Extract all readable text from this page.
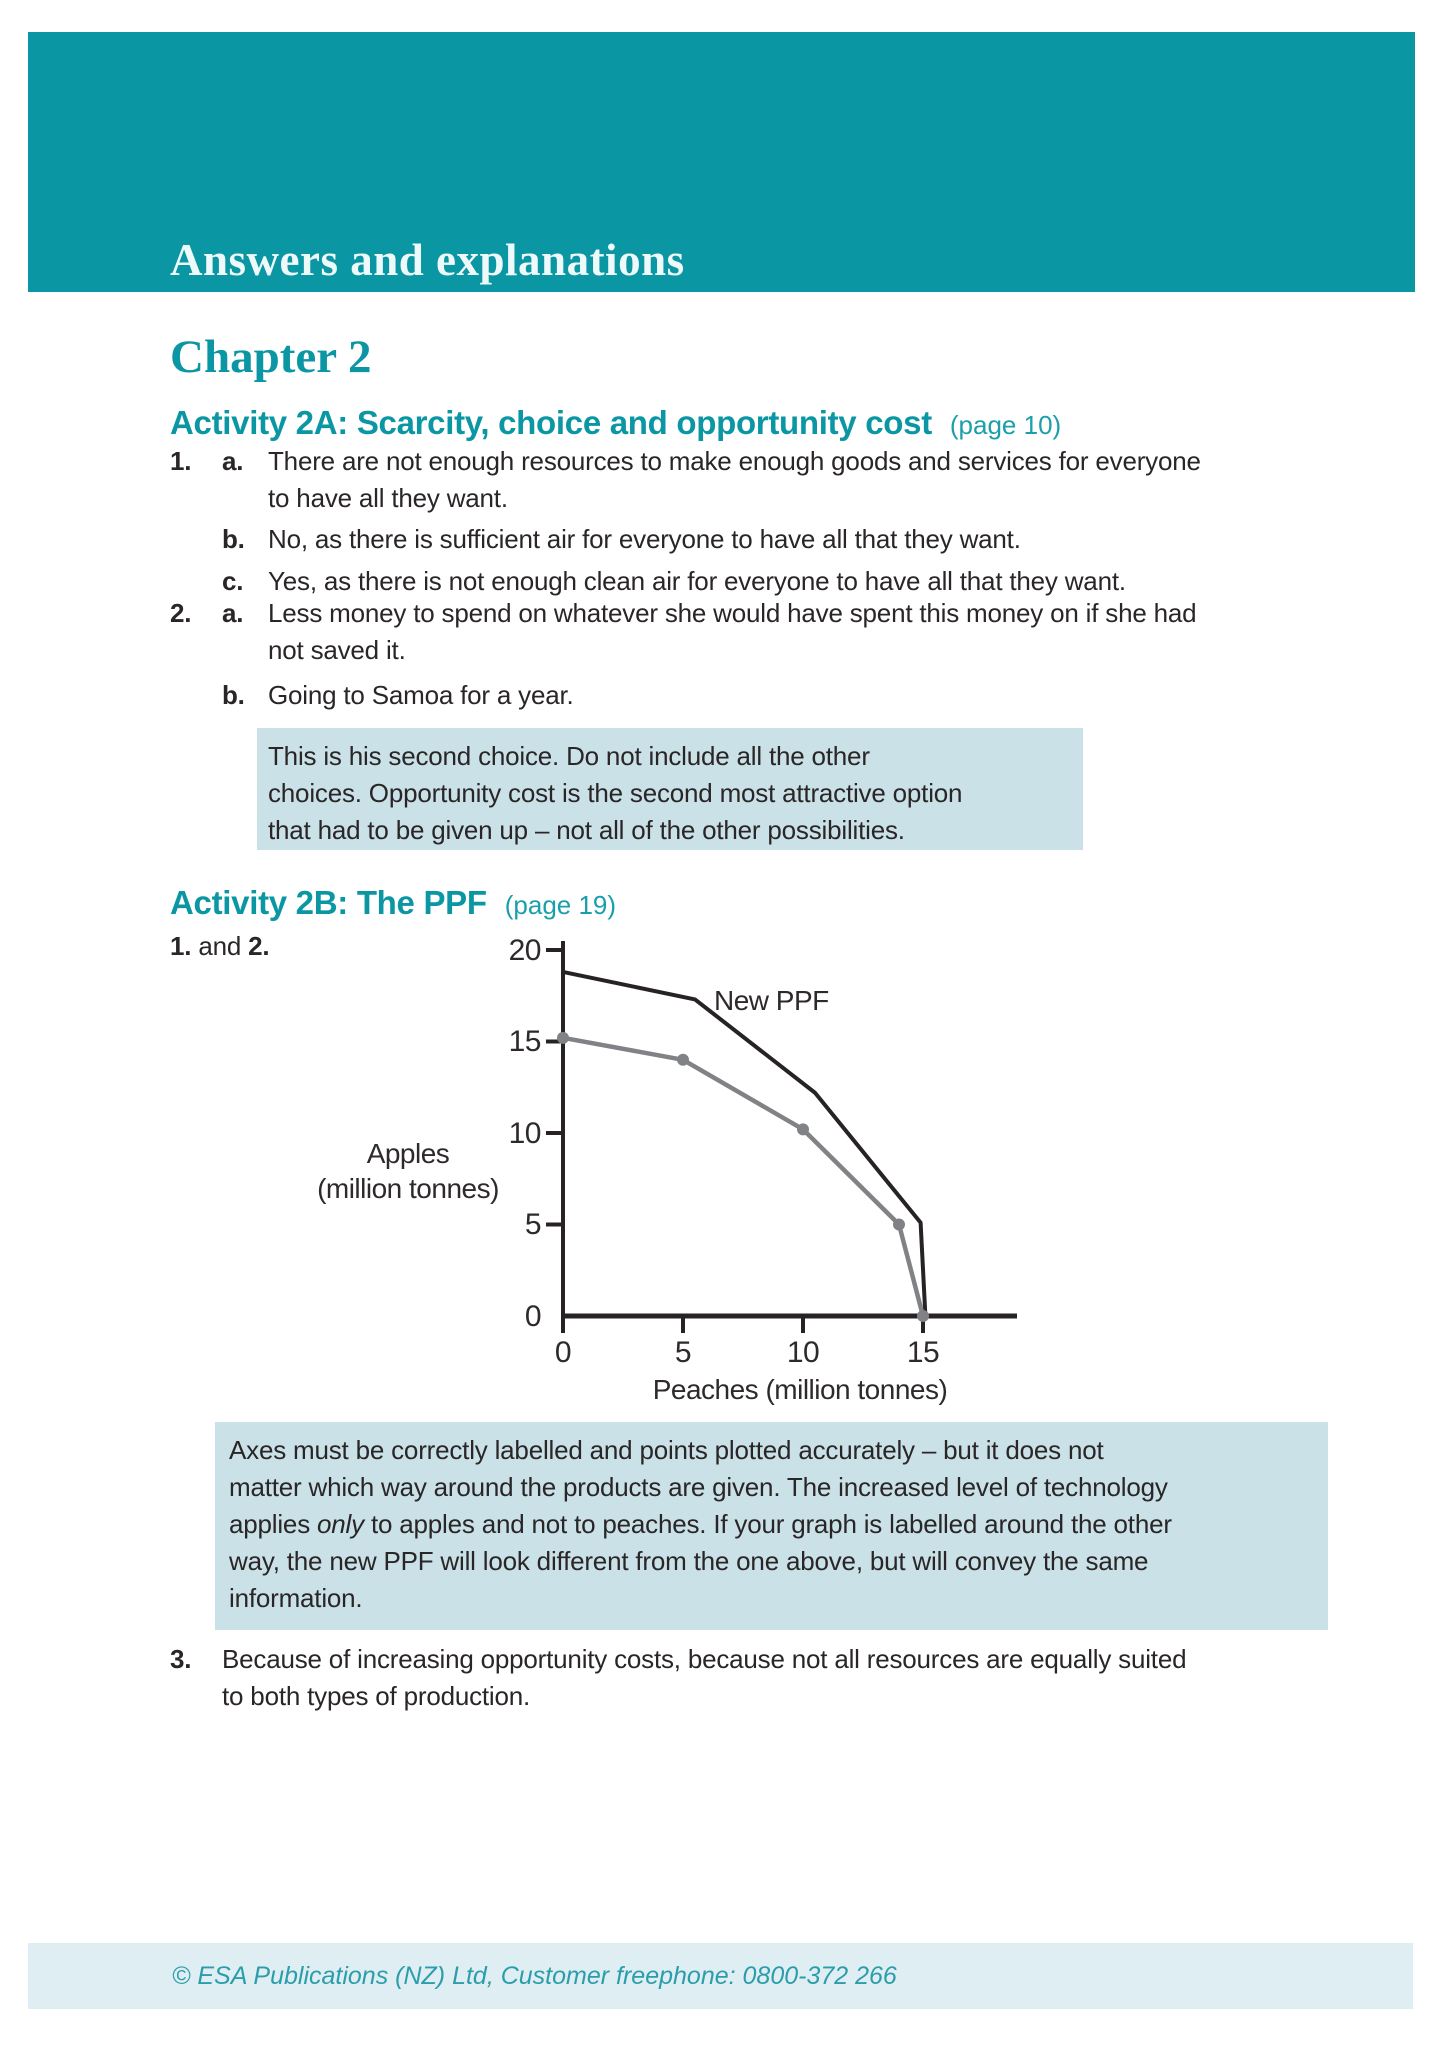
Answers and explanations
Chapter 2
Activity 2A: Scarcity, choice and opportunity cost (page 10)
1. a. There are not enough resources to make enough goods and services for everyone
to have all they want.
b. No, as there is sufficient air for everyone to have all that they want.
c. Yes, as there is not enough clean air for everyone to have all that they want.
2. a. Less money to spend on whatever she would have spent this money on if she had
not saved it.
b. Going to Samoa for a year.
This is his second choice. Do not include all the other
choices. Opportunity cost is the second most attractive option
that had to be given up – not all of the other possibilities.
Activity 2B: The PPF (page 19)
1. and 2.	20
15
10
5
0
0	5	10	15
Apples
(million tonnes)
Peaches (million tonnes)
New PPF
Axes must be correctly labelled and points plotted accurately – but it does not
matter which way around the products are given. The increased level of technology
applies only to apples and not to peaches. If your graph is labelled around the other
way, the new PPF will look different from the one above, but will convey the same
information.
3. Because of increasing opportunity costs, because not all resources are equally suited
to both types of production.
© ESA Publications (NZ) Ltd, Customer freephone: 0800-372 266
